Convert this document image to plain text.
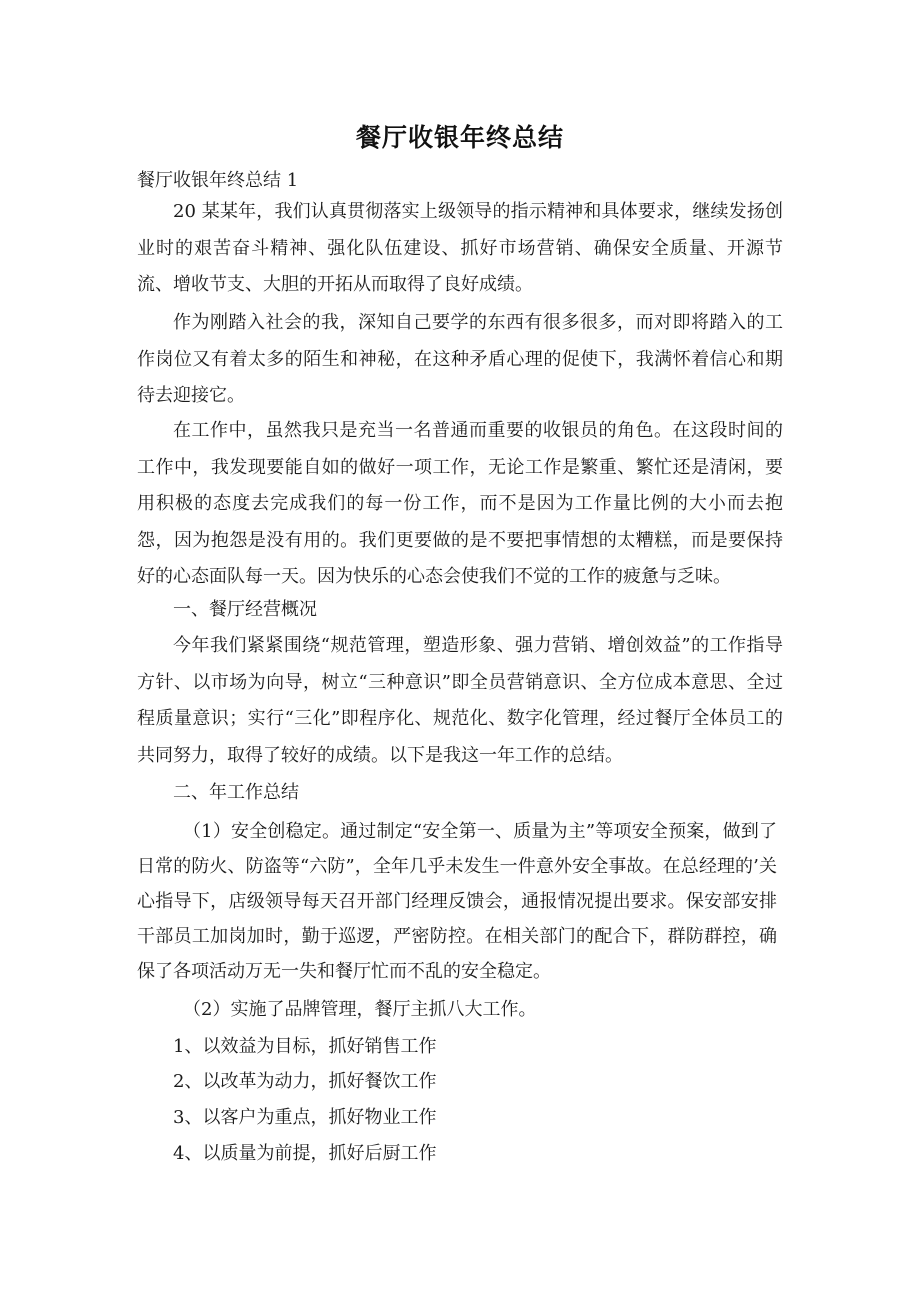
餐厅收银年终总结
餐厅收银年终总结 1

20 某某年，我们认真贯彻落实上级领导的指示精神和具体要求，继续发扬创业时的艰苦奋斗精神、强化队伍建设、抓好市场营销、确保安全质量、开源节流、增收节支、大胆的开拓从而取得了良好成绩。

作为刚踏入社会的我，深知自己要学的东西有很多很多，而对即将踏入的工作岗位又有着太多的陌生和神秘，在这种矛盾心理的促使下，我满怀着信心和期待去迎接它。

在工作中，虽然我只是充当一名普通而重要的收银员的角色。在这段时间的工作中，我发现要能自如的做好一项工作，无论工作是繁重、繁忙还是清闲，要用积极的态度去完成我们的每一份工作，而不是因为工作量比例的大小而去抱怨，因为抱怨是没有用的。我们更要做的是不要把事情想的太糟糕，而是要保持好的心态面队每一天。因为快乐的心态会使我们不觉的工作的疲惫与乏味。

一、餐厅经营概况

今年我们紧紧围绕“规范管理，塑造形象、强力营销、增创效益”的工作指导方针、以市场为向导，树立“三种意识”即全员营销意识、全方位成本意思、全过程质量意识；实行“三化”即程序化、规范化、数字化管理，经过餐厅全体员工的共同努力，取得了较好的成绩。以下是我这一年工作的总结。

二、年工作总结

（1）安全创稳定。通过制定“安全第一、质量为主”等项安全预案，做到了日常的防火、防盗等“六防”，全年几乎未发生一件意外安全事故。在总经理的’关心指导下，店级领导每天召开部门经理反馈会，通报情况提出要求。保安部安排干部员工加岗加时，勤于巡逻，严密防控。在相关部门的配合下，群防群控，确保了各项活动万无一失和餐厅忙而不乱的安全稳定。

（2）实施了品牌管理，餐厅主抓八大工作。
1、以效益为目标，抓好销售工作
2、以改革为动力，抓好餐饮工作
3、以客户为重点，抓好物业工作
4、以质量为前提，抓好后厨工作
